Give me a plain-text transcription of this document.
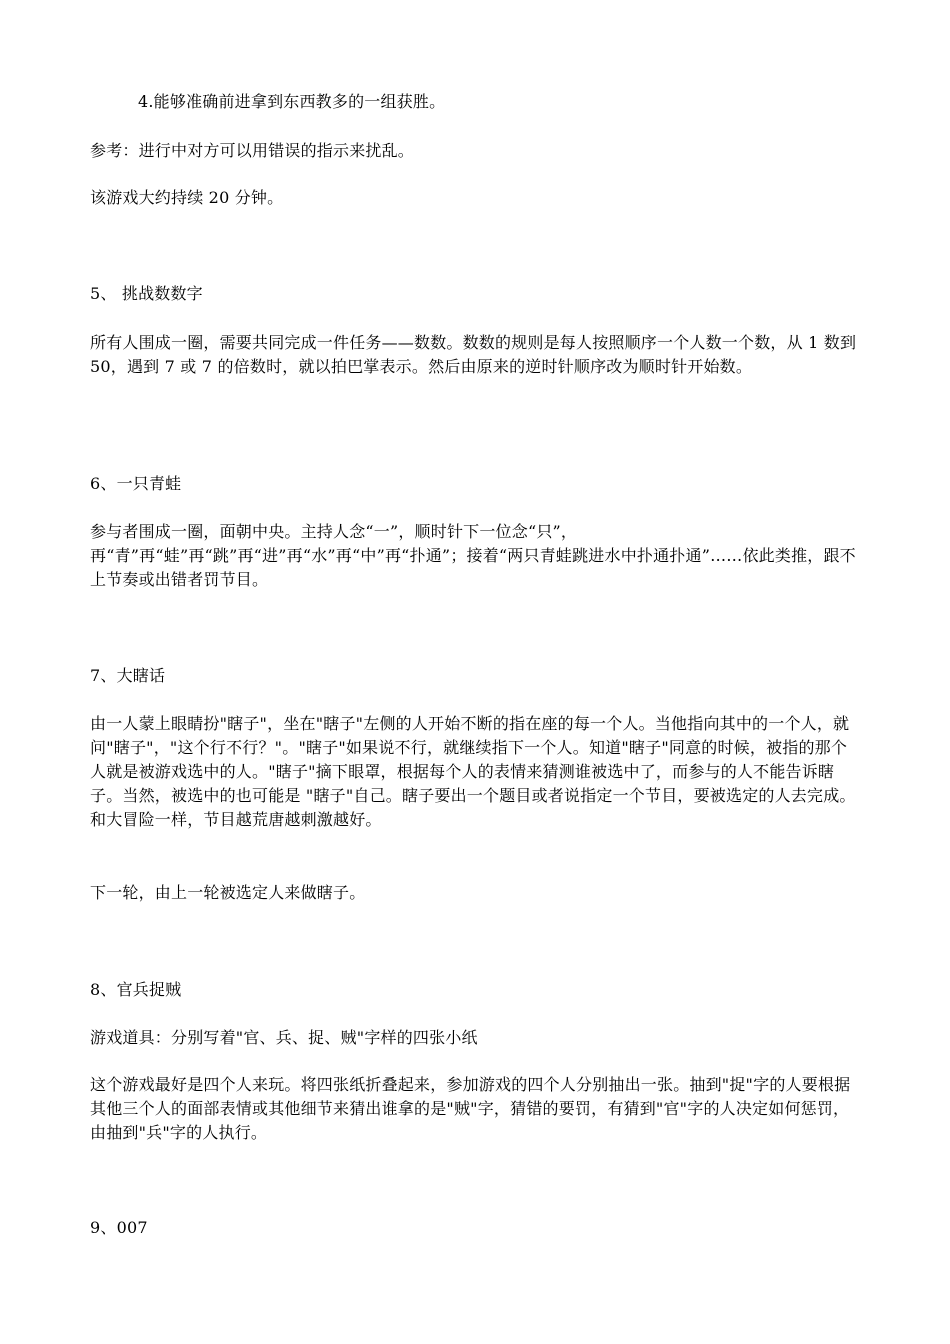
4.能够准确前进拿到东西教多的一组获胜。

参考：进行中对方可以用错误的指示来扰乱。

该游戏大约持续 20 分钟。

5、 挑战数数字

所有人围成一圈，需要共同完成一件任务——数数。数数的规则是每人按照顺序一个人数一个数，从 1 数到 50，遇到 7 或 7 的倍数时，就以拍巴掌表示。然后由原来的逆时针顺序改为顺时针开始数。

6、一只青蛙

参与者围成一圈，面朝中央。主持人念“一”，顺时针下一位念“只”，再“青”再“蛙”再“跳”再“进”再“水”再“中”再“扑通”；接着“两只青蛙跳进水中扑通扑通”……依此类推，跟不上节奏或出错者罚节目。

7、大瞎话

由一人蒙上眼睛扮"瞎子"，坐在"瞎子"左侧的人开始不断的指在座的每一个人。当他指向其中的一个人，就问"瞎子"，"这个行不行？"。"瞎子"如果说不行，就继续指下一个人。知道"瞎子"同意的时候，被指的那个人就是被游戏选中的人。"瞎子"摘下眼罩，根据每个人的表情来猜测谁被选中了，而参与的人不能告诉瞎子。当然，被选中的也可能是 "瞎子"自己。瞎子要出一个题目或者说指定一个节目，要被选定的人去完成。和大冒险一样，节目越荒唐越刺激越好。

下一轮，由上一轮被选定人来做瞎子。

8、官兵捉贼

游戏道具：分别写着"官、兵、捉、贼"字样的四张小纸

这个游戏最好是四个人来玩。将四张纸折叠起来，参加游戏的四个人分别抽出一张。抽到"捉"字的人要根据其他三个人的面部表情或其他细节来猜出谁拿的是"贼"字，猜错的要罚，有猜到"官"字的人决定如何惩罚，由抽到"兵"字的人执行。

9、007
